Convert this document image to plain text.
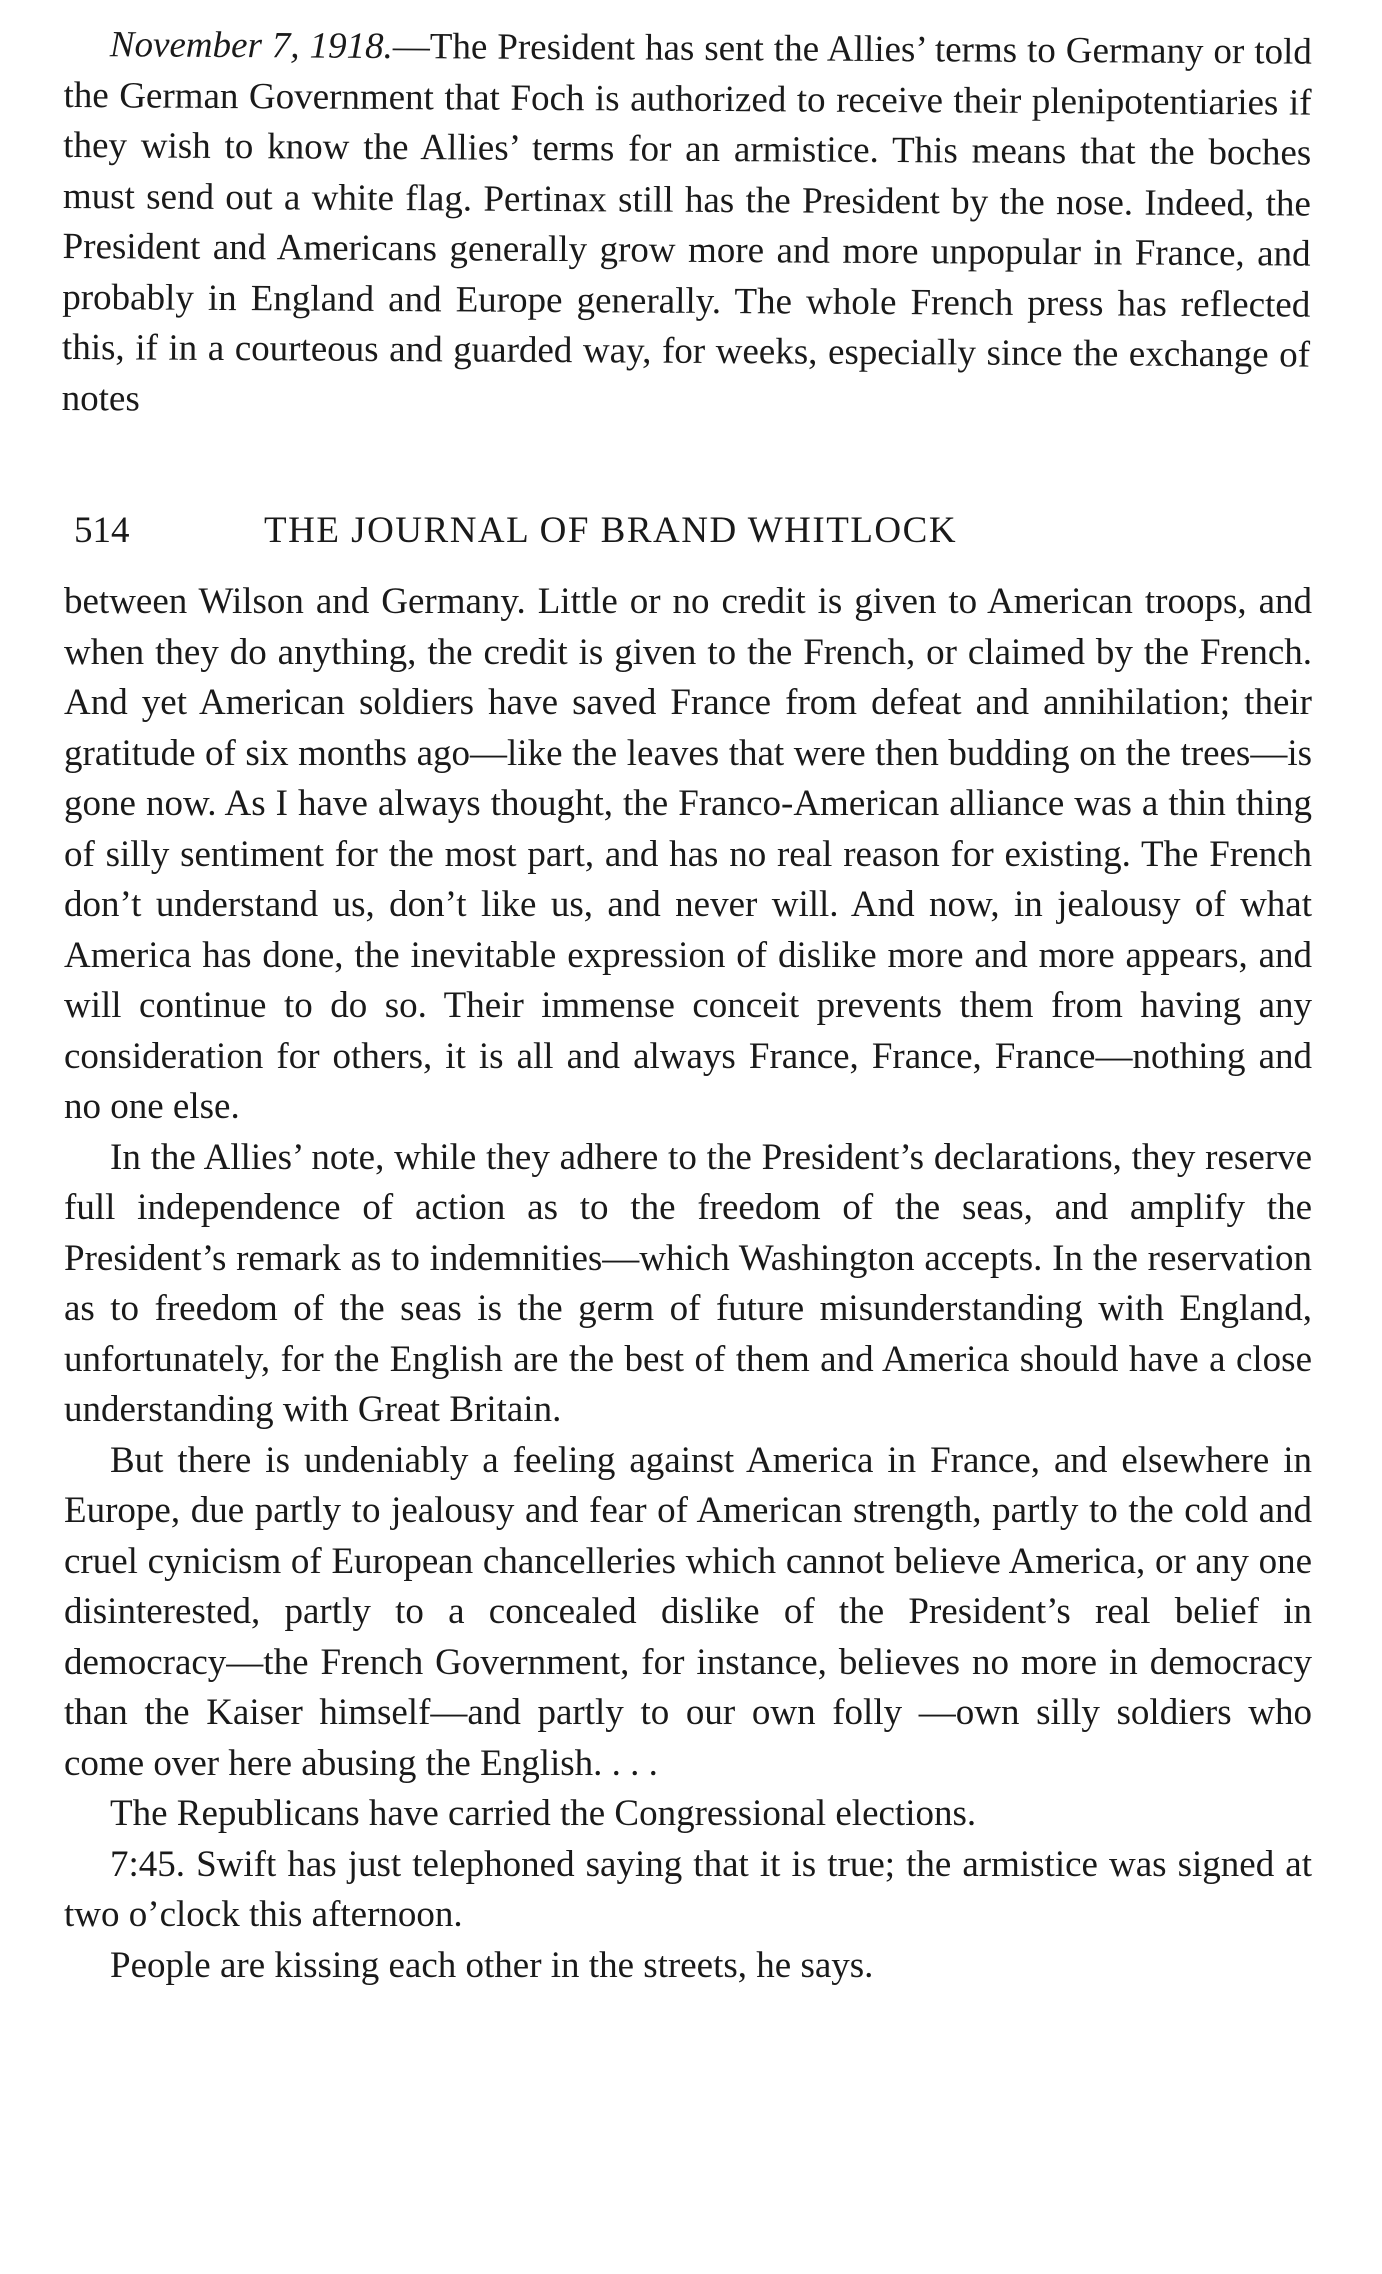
November 7, 1918.—The President has sent the Allies’ terms to Germany or told the German Government that Foch is authorized to receive their plenipotentiaries if they wish to know the Allies’ terms for an armistice. This means that the boches must send out a white flag. Pertinax still has the President by the nose. Indeed, the President and Americans generally grow more and more unpopular in France, and probably in England and Europe generally. The whole French press has reflected this, if in a courteous and guarded way, for weeks, especially since the exchange of notes

514	THE JOURNAL OF BRAND WHITLOCK

between Wilson and Germany. Little or no credit is given to American troops, and when they do anything, the credit is given to the French, or claimed by the French. And yet American soldiers have saved France from defeat and annihilation; their gratitude of six months ago—like the leaves that were then budding on the trees—is gone now. As I have always thought, the Franco-American alliance was a thin thing of silly sentiment for the most part, and has no real reason for existing. The French don’t understand us, don’t like us, and never will. And now, in jealousy of what America has done, the inevitable expression of dislike more and more appears, and will continue to do so. Their immense conceit prevents them from having any consideration for others, it is all and always France, France, France—nothing and no one else.

In the Allies’ note, while they adhere to the President’s declarations, they reserve full independence of action as to the freedom of the seas, and amplify the President’s remark as to indemnities—which Washington accepts. In the reservation as to freedom of the seas is the germ of future misunderstanding with England, unfortunately, for the English are the best of them and America should have a close understanding with Great Britain.

But there is undeniably a feeling against America in France, and elsewhere in Europe, due partly to jealousy and fear of American strength, partly to the cold and cruel cynicism of European chancelleries which cannot believe America, or any one disinterested, partly to a concealed dislike of the President’s real belief in democracy—the French Government, for instance, believes no more in democracy than the Kaiser himself—and partly to our own folly —own silly soldiers who come over here abusing the English. . . .

The Republicans have carried the Congressional elections.

7:45. Swift has just telephoned saying that it is true; the armistice was signed at two o’clock this afternoon.

People are kissing each other in the streets, he says.
